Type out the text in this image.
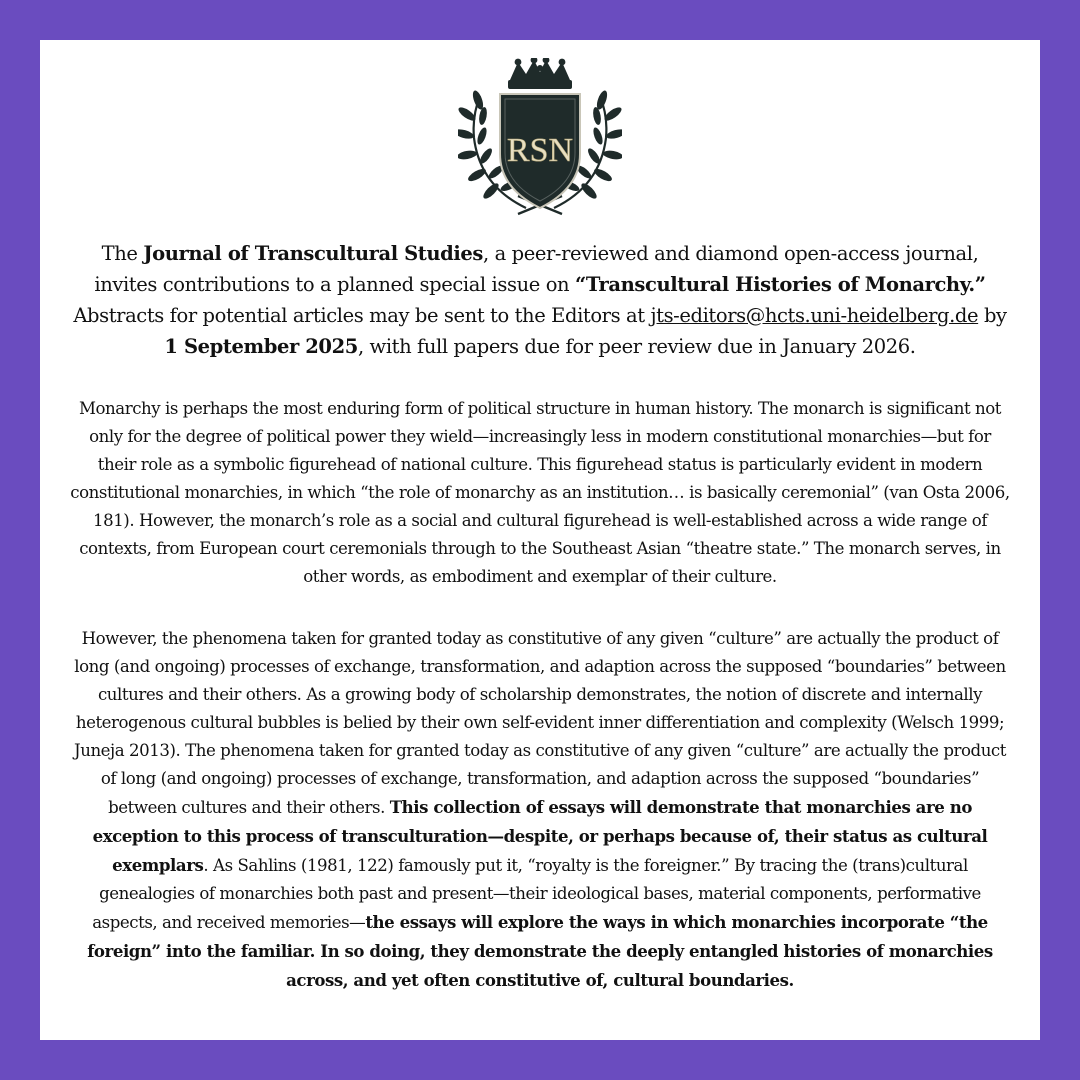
RSN

The Journal of Transcultural Studies, a peer-reviewed and diamond open-access journal, invites contributions to a planned special issue on “Transcultural Histories of Monarchy.” Abstracts for potential articles may be sent to the Editors at jts-editors@hcts.uni-heidelberg.de by 1 September 2025, with full papers due for peer review due in January 2026.

Monarchy is perhaps the most enduring form of political structure in human history. The monarch is significant not only for the degree of political power they wield—increasingly less in modern constitutional monarchies—but for their role as a symbolic figurehead of national culture. This figurehead status is particularly evident in modern constitutional monarchies, in which “the role of monarchy as an institution… is basically ceremonial” (van Osta 2006, 181). However, the monarch’s role as a social and cultural figurehead is well-established across a wide range of contexts, from European court ceremonials through to the Southeast Asian “theatre state.” The monarch serves, in other words, as embodiment and exemplar of their culture.

However, the phenomena taken for granted today as constitutive of any given “culture” are actually the product of long (and ongoing) processes of exchange, transformation, and adaption across the supposed “boundaries” between cultures and their others. As a growing body of scholarship demonstrates, the notion of discrete and internally heterogenous cultural bubbles is belied by their own self-evident inner differentiation and complexity (Welsch 1999; Juneja 2013). The phenomena taken for granted today as constitutive of any given “culture” are actually the product of long (and ongoing) processes of exchange, transformation, and adaption across the supposed “boundaries” between cultures and their others. This collection of essays will demonstrate that monarchies are no exception to this process of transculturation—despite, or perhaps because of, their status as cultural exemplars. As Sahlins (1981, 122) famously put it, “royalty is the foreigner.” By tracing the (trans)cultural genealogies of monarchies both past and present—their ideological bases, material components, performative aspects, and received memories—the essays will explore the ways in which monarchies incorporate “the foreign” into the familiar. In so doing, they demonstrate the deeply entangled histories of monarchies across, and yet often constitutive of, cultural boundaries.
